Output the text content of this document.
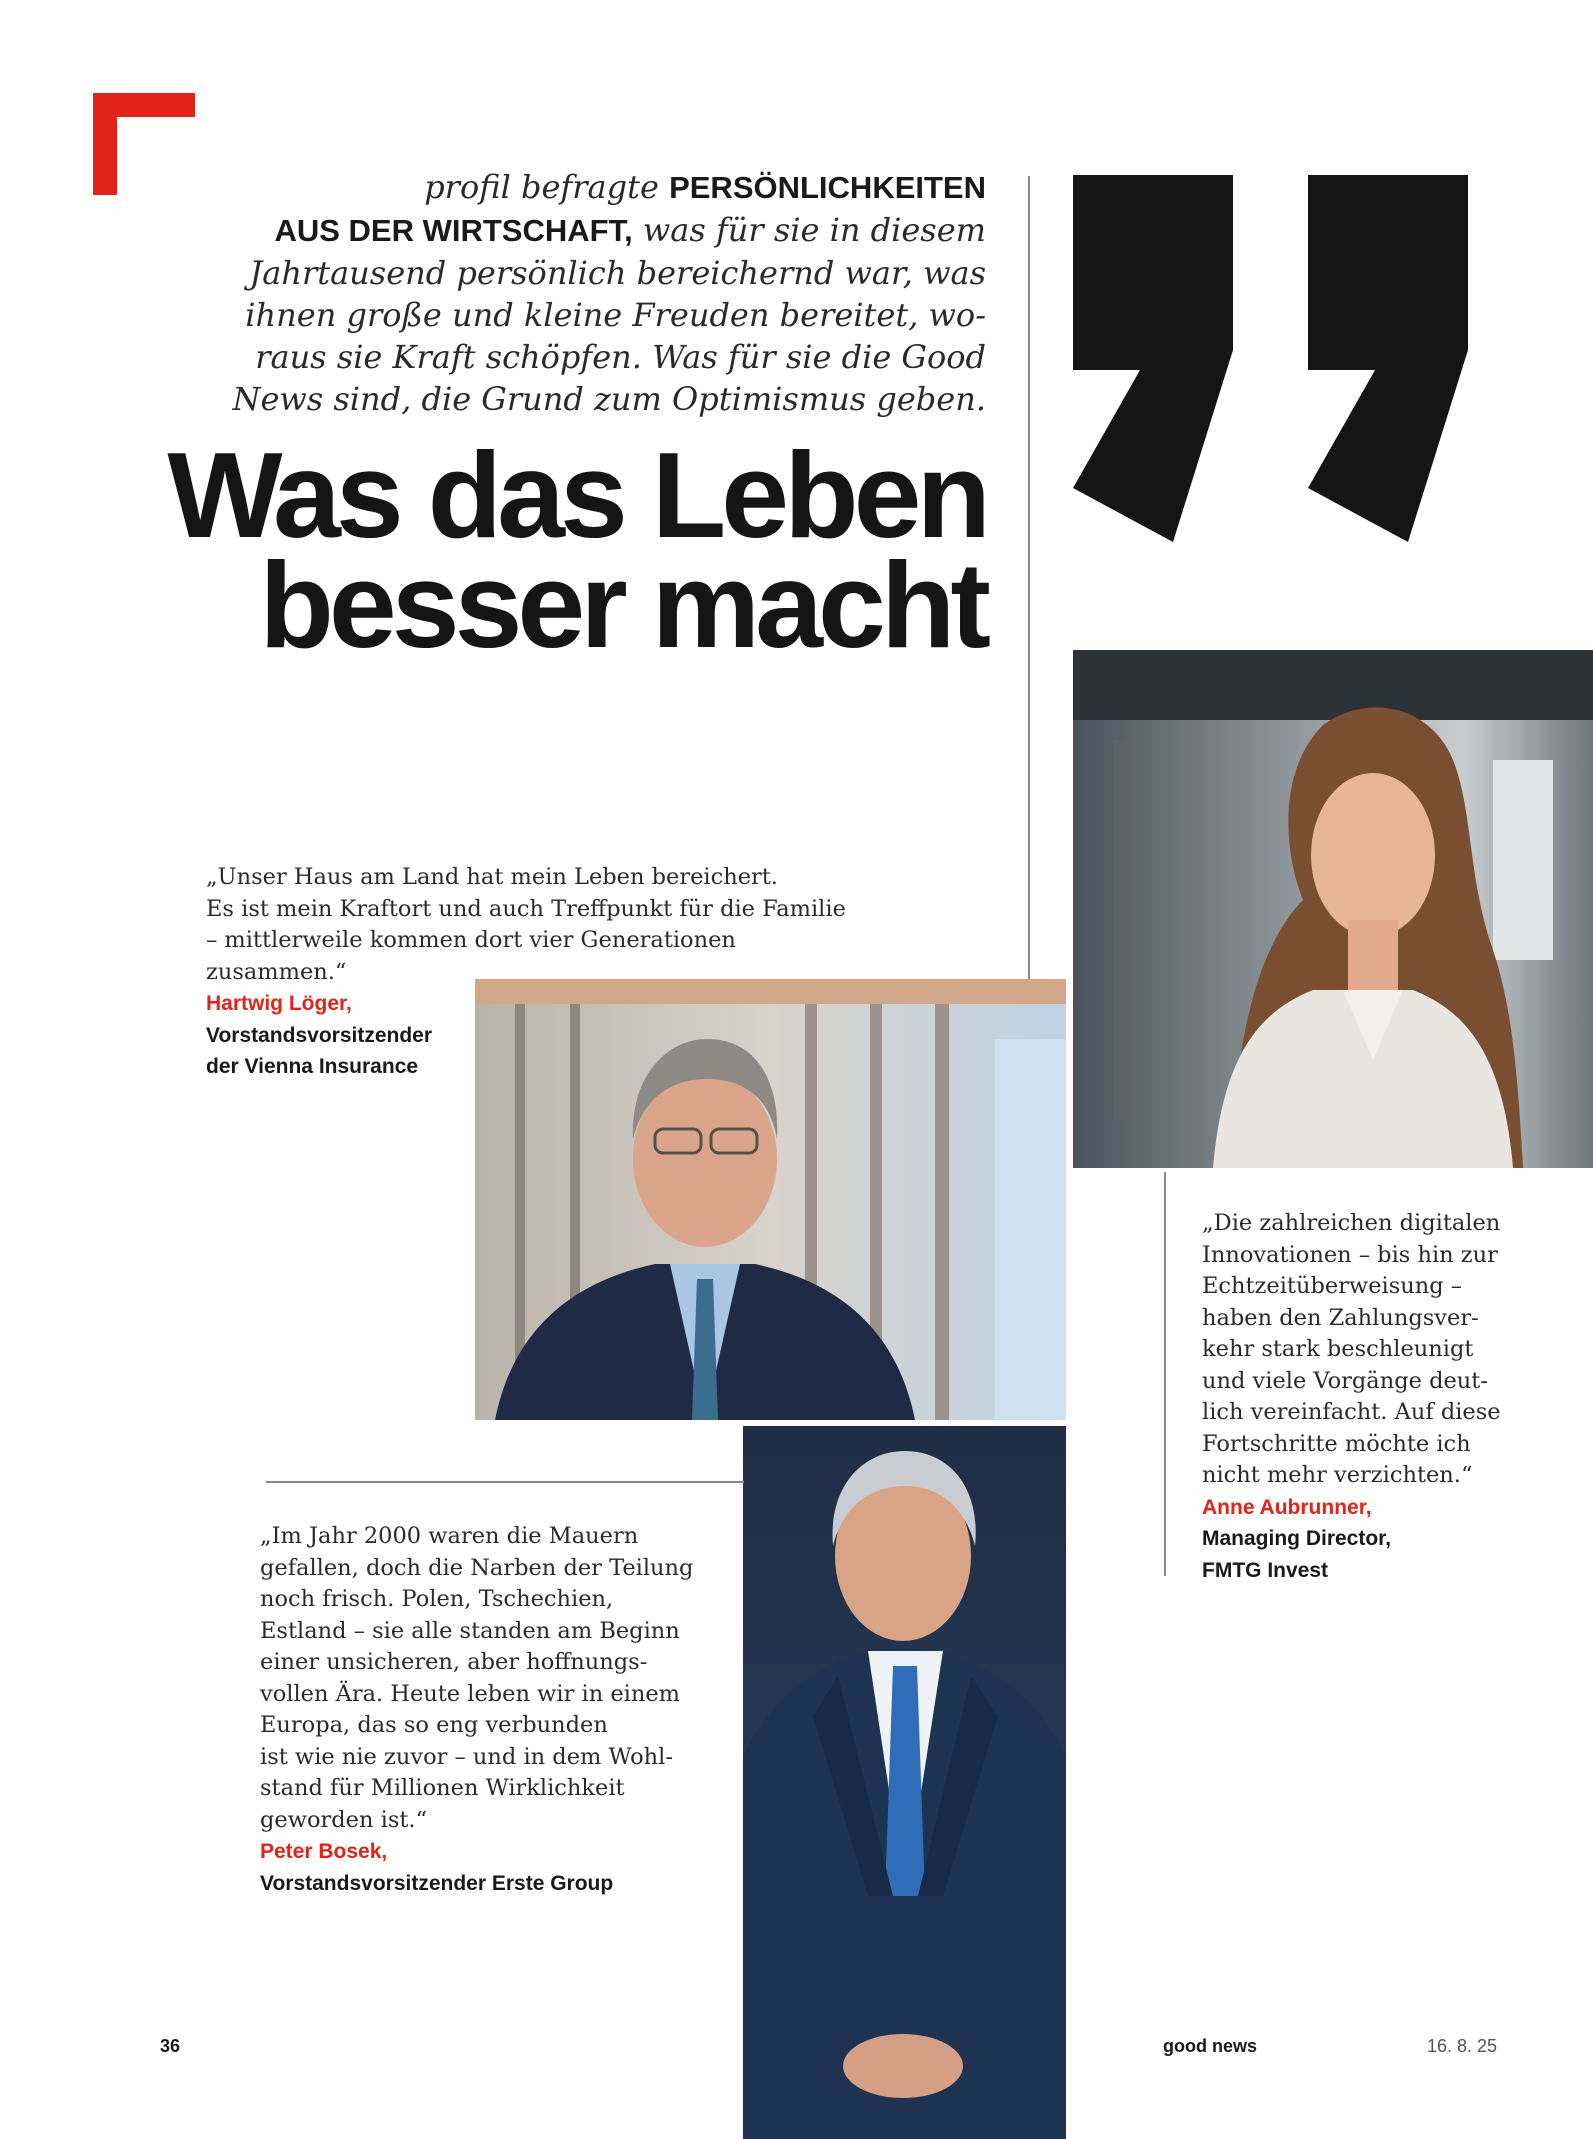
profil befragte PERSÖNLICHKEITEN
AUS DER WIRTSCHAFT, was für sie in diesem
Jahrtausend persönlich bereichernd war, was
ihnen große und kleine Freuden bereitet, wo-
raus sie Kraft schöpfen. Was für sie die Good
News sind, die Grund zum Optimismus geben.
Was das Leben
besser macht
„Unser Haus am Land hat mein Leben bereichert.
Es ist mein Kraftort und auch Treffpunkt für die Familie
– mittlerweile kommen dort vier Generationen
zusammen.“
Hartwig Löger,
Vorstandsvorsitzender
der Vienna Insurance
„Die zahlreichen digitalen
Innovationen – bis hin zur
Echtzeitüberweisung –
haben den Zahlungsver-
kehr stark beschleunigt
und viele Vorgänge deut-
lich vereinfacht. Auf diese
Fortschritte möchte ich
nicht mehr verzichten.“
Anne Aubrunner,
Managing Director,
FMTG Invest
„Im Jahr 2000 waren die Mauern
gefallen, doch die Narben der Teilung
noch frisch. Polen, Tschechien,
Estland – sie alle standen am Beginn
einer unsicheren, aber hoffnungs-
vollen Ära. Heute leben wir in einem
Europa, das so eng verbunden
ist wie nie zuvor – und in dem Wohl-
stand für Millionen Wirklichkeit
geworden ist.“
Peter Bosek,
Vorstandsvorsitzender Erste Group
36	good news	16. 8. 25
